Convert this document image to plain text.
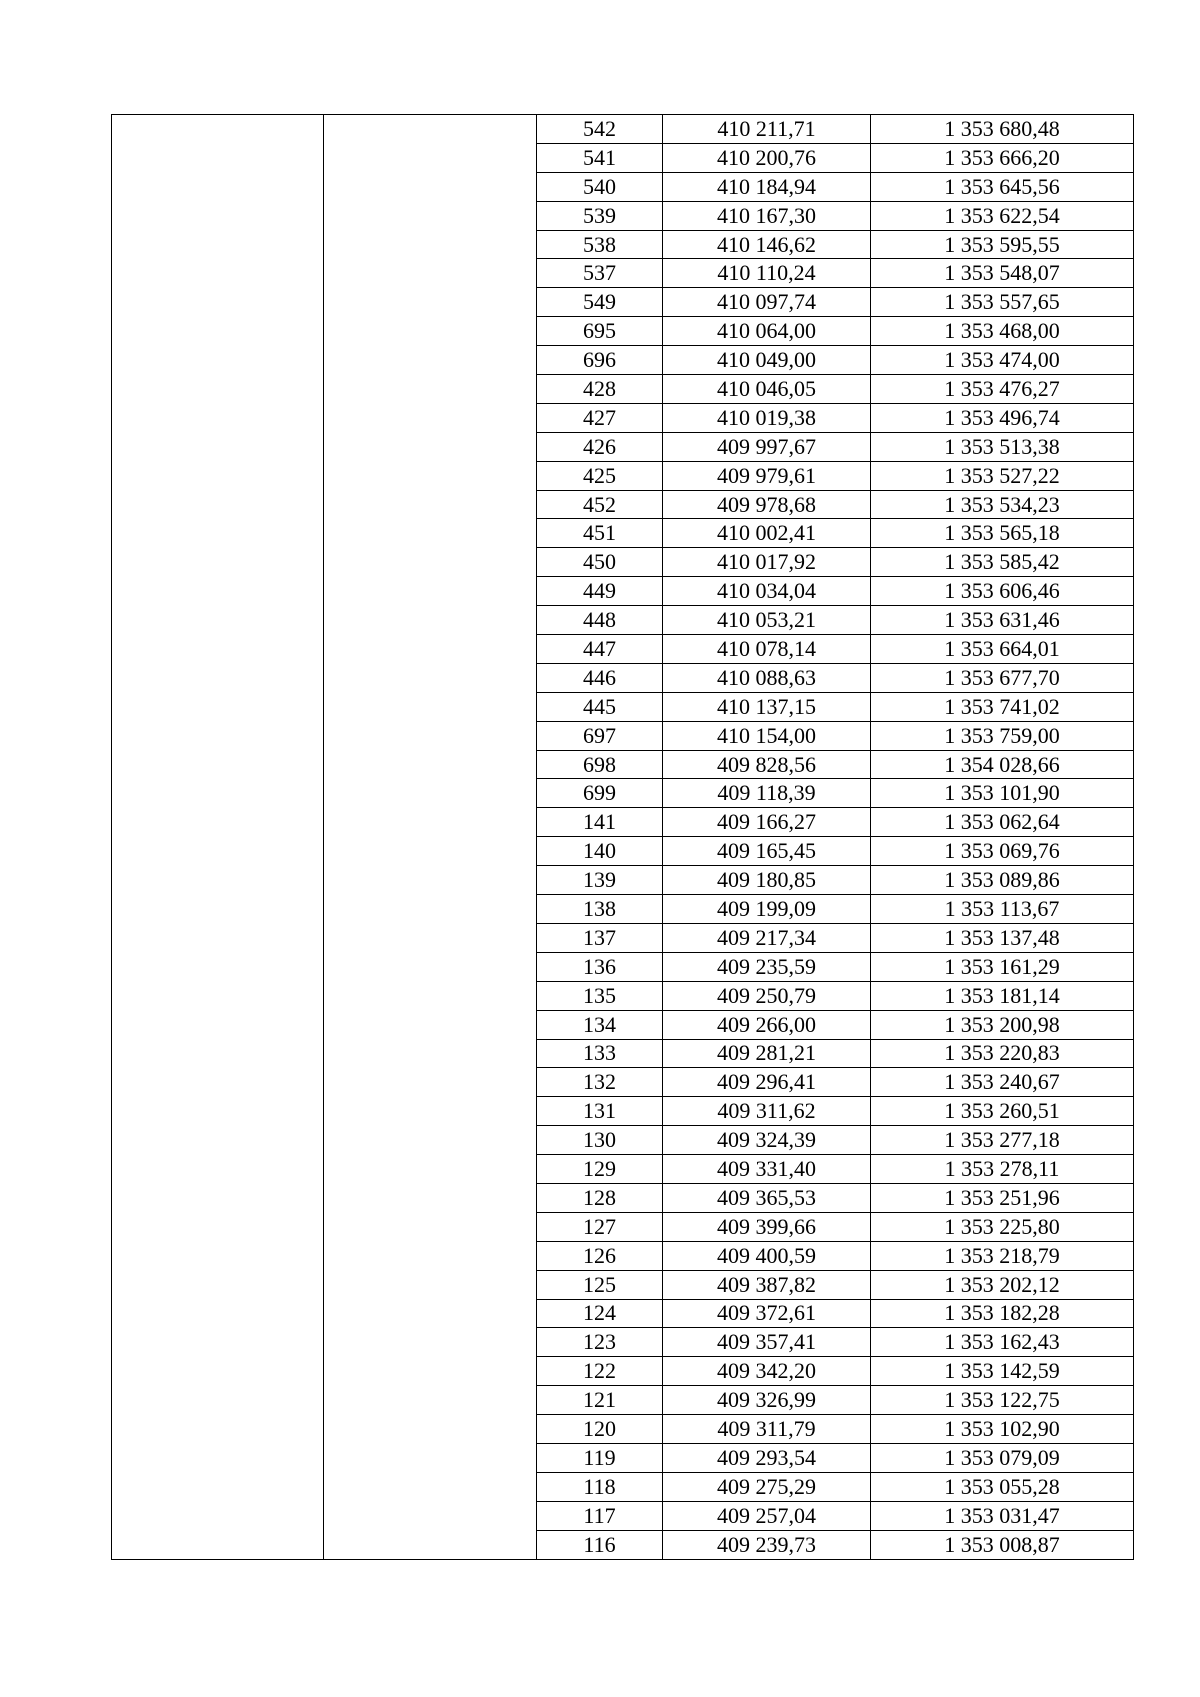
		542	410 211,71	1 353 680,48
		541	410 200,76	1 353 666,20
		540	410 184,94	1 353 645,56
		539	410 167,30	1 353 622,54
		538	410 146,62	1 353 595,55
		537	410 110,24	1 353 548,07
		549	410 097,74	1 353 557,65
		695	410 064,00	1 353 468,00
		696	410 049,00	1 353 474,00
		428	410 046,05	1 353 476,27
		427	410 019,38	1 353 496,74
		426	409 997,67	1 353 513,38
		425	409 979,61	1 353 527,22
		452	409 978,68	1 353 534,23
		451	410 002,41	1 353 565,18
		450	410 017,92	1 353 585,42
		449	410 034,04	1 353 606,46
		448	410 053,21	1 353 631,46
		447	410 078,14	1 353 664,01
		446	410 088,63	1 353 677,70
		445	410 137,15	1 353 741,02
		697	410 154,00	1 353 759,00
		698	409 828,56	1 354 028,66
		699	409 118,39	1 353 101,90
		141	409 166,27	1 353 062,64
		140	409 165,45	1 353 069,76
		139	409 180,85	1 353 089,86
		138	409 199,09	1 353 113,67
		137	409 217,34	1 353 137,48
		136	409 235,59	1 353 161,29
		135	409 250,79	1 353 181,14
		134	409 266,00	1 353 200,98
		133	409 281,21	1 353 220,83
		132	409 296,41	1 353 240,67
		131	409 311,62	1 353 260,51
		130	409 324,39	1 353 277,18
		129	409 331,40	1 353 278,11
		128	409 365,53	1 353 251,96
		127	409 399,66	1 353 225,80
		126	409 400,59	1 353 218,79
		125	409 387,82	1 353 202,12
		124	409 372,61	1 353 182,28
		123	409 357,41	1 353 162,43
		122	409 342,20	1 353 142,59
		121	409 326,99	1 353 122,75
		120	409 311,79	1 353 102,90
		119	409 293,54	1 353 079,09
		118	409 275,29	1 353 055,28
		117	409 257,04	1 353 031,47
		116	409 239,73	1 353 008,87
